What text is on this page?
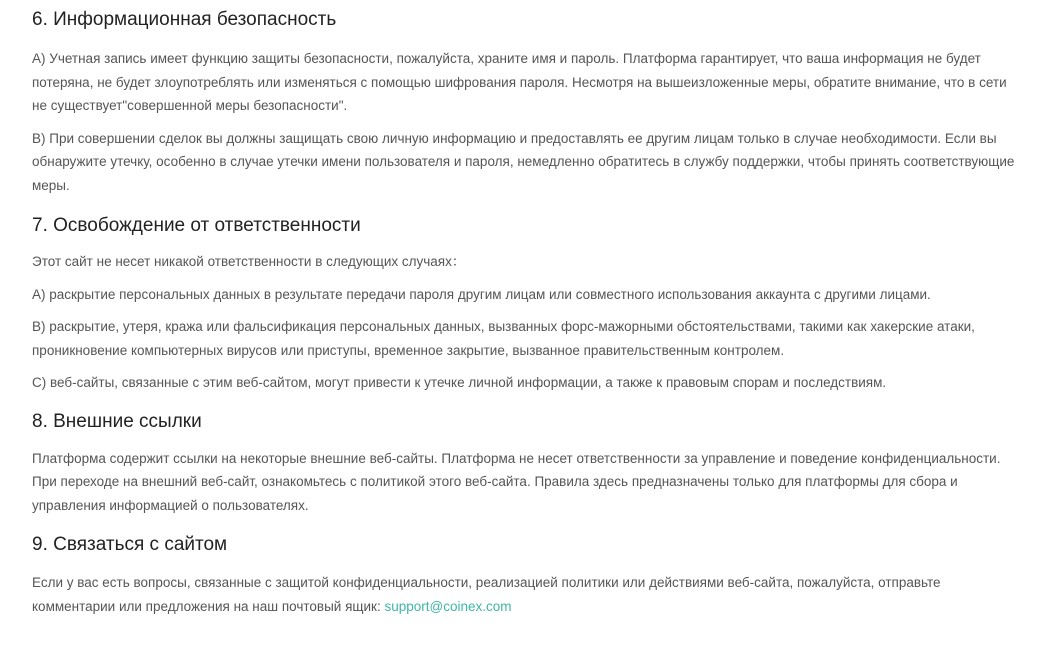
6. Информационная безопасность

A) Учетная запись имеет функцию защиты безопасности, пожалуйста, храните имя и пароль. Платформа гарантирует, что ваша информация не будет потеряна, не будет злоупотреблять или изменяться с помощью шифрования пароля. Несмотря на вышеизложенные меры, обратите внимание, что в сети не существует"совершенной меры безопасности".

B) При совершении сделок вы должны защищать свою личную информацию и предоставлять ее другим лицам только в случае необходимости. Если вы обнаружите утечку, особенно в случае утечки имени пользователя и пароля, немедленно обратитесь в службу поддержки, чтобы принять соответствующие меры.

7. Освобождение от ответственности

Этот сайт не несет никакой ответственности в следующих случаях：

A) раскрытие персональных данных в результате передачи пароля другим лицам или совместного использования аккаунта с другими лицами.

B) раскрытие, утеря, кража или фальсификация персональных данных, вызванных форс-мажорными обстоятельствами, такими как хакерские атаки, проникновение компьютерных вирусов или приступы, временное закрытие, вызванное правительственным контролем.

C) веб-сайты, связанные с этим веб-сайтом, могут привести к утечке личной информации, а также к правовым спорам и последствиям.

8. Внешние ссылки

Платформа содержит ссылки на некоторые внешние веб-сайты. Платформа не несет ответственности за управление и поведение конфиденциальности. При переходе на внешний веб-сайт, ознакомьтесь с политикой этого веб-сайта. Правила здесь предназначены только для платформы для сбора и управления информацией о пользователях.

9. Связаться с сайтом

Если у вас есть вопросы, связанные с защитой конфиденциальности, реализацией политики или действиями веб-сайта, пожалуйста, отправьте комментарии или предложения на наш почтовый ящик: support@coinex.com
